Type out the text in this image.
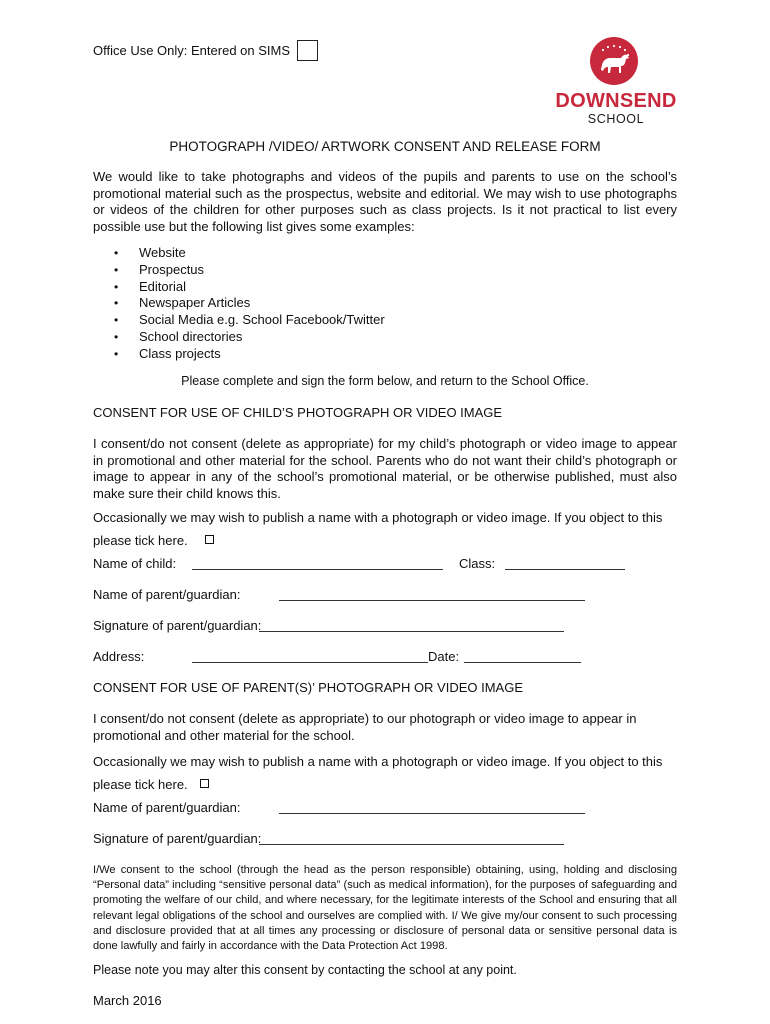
Office Use Only: Entered on SIMS
DOWNSEND
SCHOOL
PHOTOGRAPH /VIDEO/ ARTWORK CONSENT AND RELEASE FORM
We would like to take photographs and videos of the pupils and parents to use on the school’s promotional material such as the prospectus, website and editorial. We may wish to use photographs or videos of the children for other purposes such as class projects. Is it not practical to list every possible use but the following list gives some examples:
• Website
• Prospectus
• Editorial
• Newspaper Articles
• Social Media e.g. School Facebook/Twitter
• School directories
• Class projects
Please complete and sign the form below, and return to the School Office.
CONSENT FOR USE OF CHILD’S PHOTOGRAPH OR VIDEO IMAGE
I consent/do not consent (delete as appropriate) for my child’s photograph or video image to appear in promotional and other material for the school. Parents who do not want their child’s photograph or image to appear in any of the school’s promotional material, or be otherwise published, must also make sure their child knows this.
Occasionally we may wish to publish a name with a photograph or video image. If you object to this
please tick here.
Name of child:	Class:
Name of parent/guardian:
Signature of parent/guardian:
Address:	Date:
CONSENT FOR USE OF PARENT(S)’ PHOTOGRAPH OR VIDEO IMAGE
I consent/do not consent (delete as appropriate) to our photograph or video image to appear in promotional and other material for the school.
Occasionally we may wish to publish a name with a photograph or video image. If you object to this
please tick here.
Name of parent/guardian:
Signature of parent/guardian:
I/We consent to the school (through the head as the person responsible) obtaining, using, holding and disclosing “Personal data” including “sensitive personal data” (such as medical information), for the purposes of safeguarding and promoting the welfare of our child, and where necessary, for the legitimate interests of the School and ensuring that all relevant legal obligations of the school and ourselves are complied with. I/ We give my/our consent to such processing and disclosure provided that at all times any processing or disclosure of personal data or sensitive personal data is done lawfully and fairly in accordance with the Data Protection Act 1998.
Please note you may alter this consent by contacting the school at any point.
March 2016
